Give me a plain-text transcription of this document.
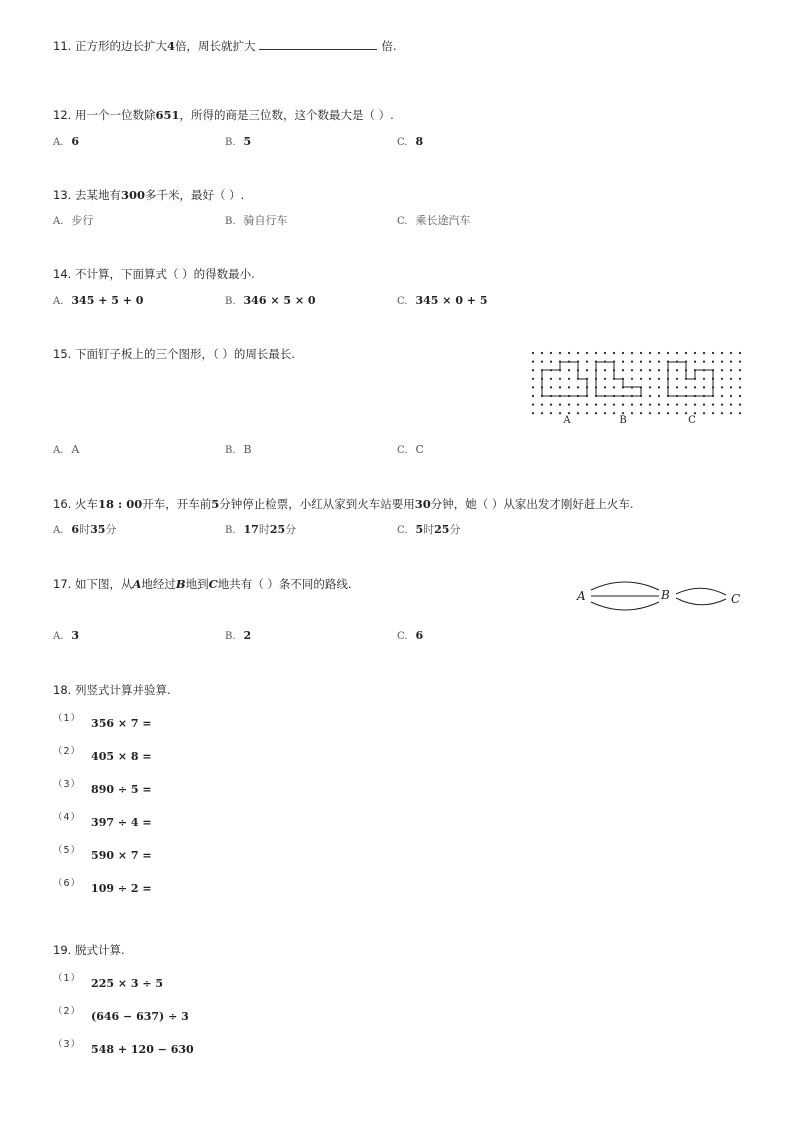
11. 正方形的边长扩大4倍，周长就扩大	倍.
12. 用一个一位数除651，所得的商是三位数，这个数最大是（ ）.
A. 6	B. 5	C. 8
13. 去某地有300多千米，最好（ ）.
A. 步行	B. 骑自行车	C. 乘长途汽车
14. 不计算，下面算式（ ）的得数最小.
A. 345 + 5 + 0	B. 346 × 5 × 0	C. 345 × 0 + 5
15. 下面钉子板上的三个图形，（ ）的周长最长.
A	B	C
A. A	B. B	C. C
16. 火车18 : 00开车，开车前5分钟停止检票，小红从家到火车站要用30分钟，她（ ）从家出发才刚好赶上火车.
A. 6时35分	B. 17时25分	C. 5时25分
17. 如下图，从A地经过B地到C地共有（ ）条不同的路线.
A	B	C
A. 3	B. 2	C. 6
18. 列竖式计算并验算.
（1） 356 × 7 =
（2） 405 × 8 =
（3） 890 ÷ 5 =
（4） 397 ÷ 4 =
（5） 590 × 7 =
（6） 109 ÷ 2 =
19. 脱式计算.
（1） 225 × 3 ÷ 5
（2） (646 − 637) ÷ 3
（3） 548 + 120 − 630
